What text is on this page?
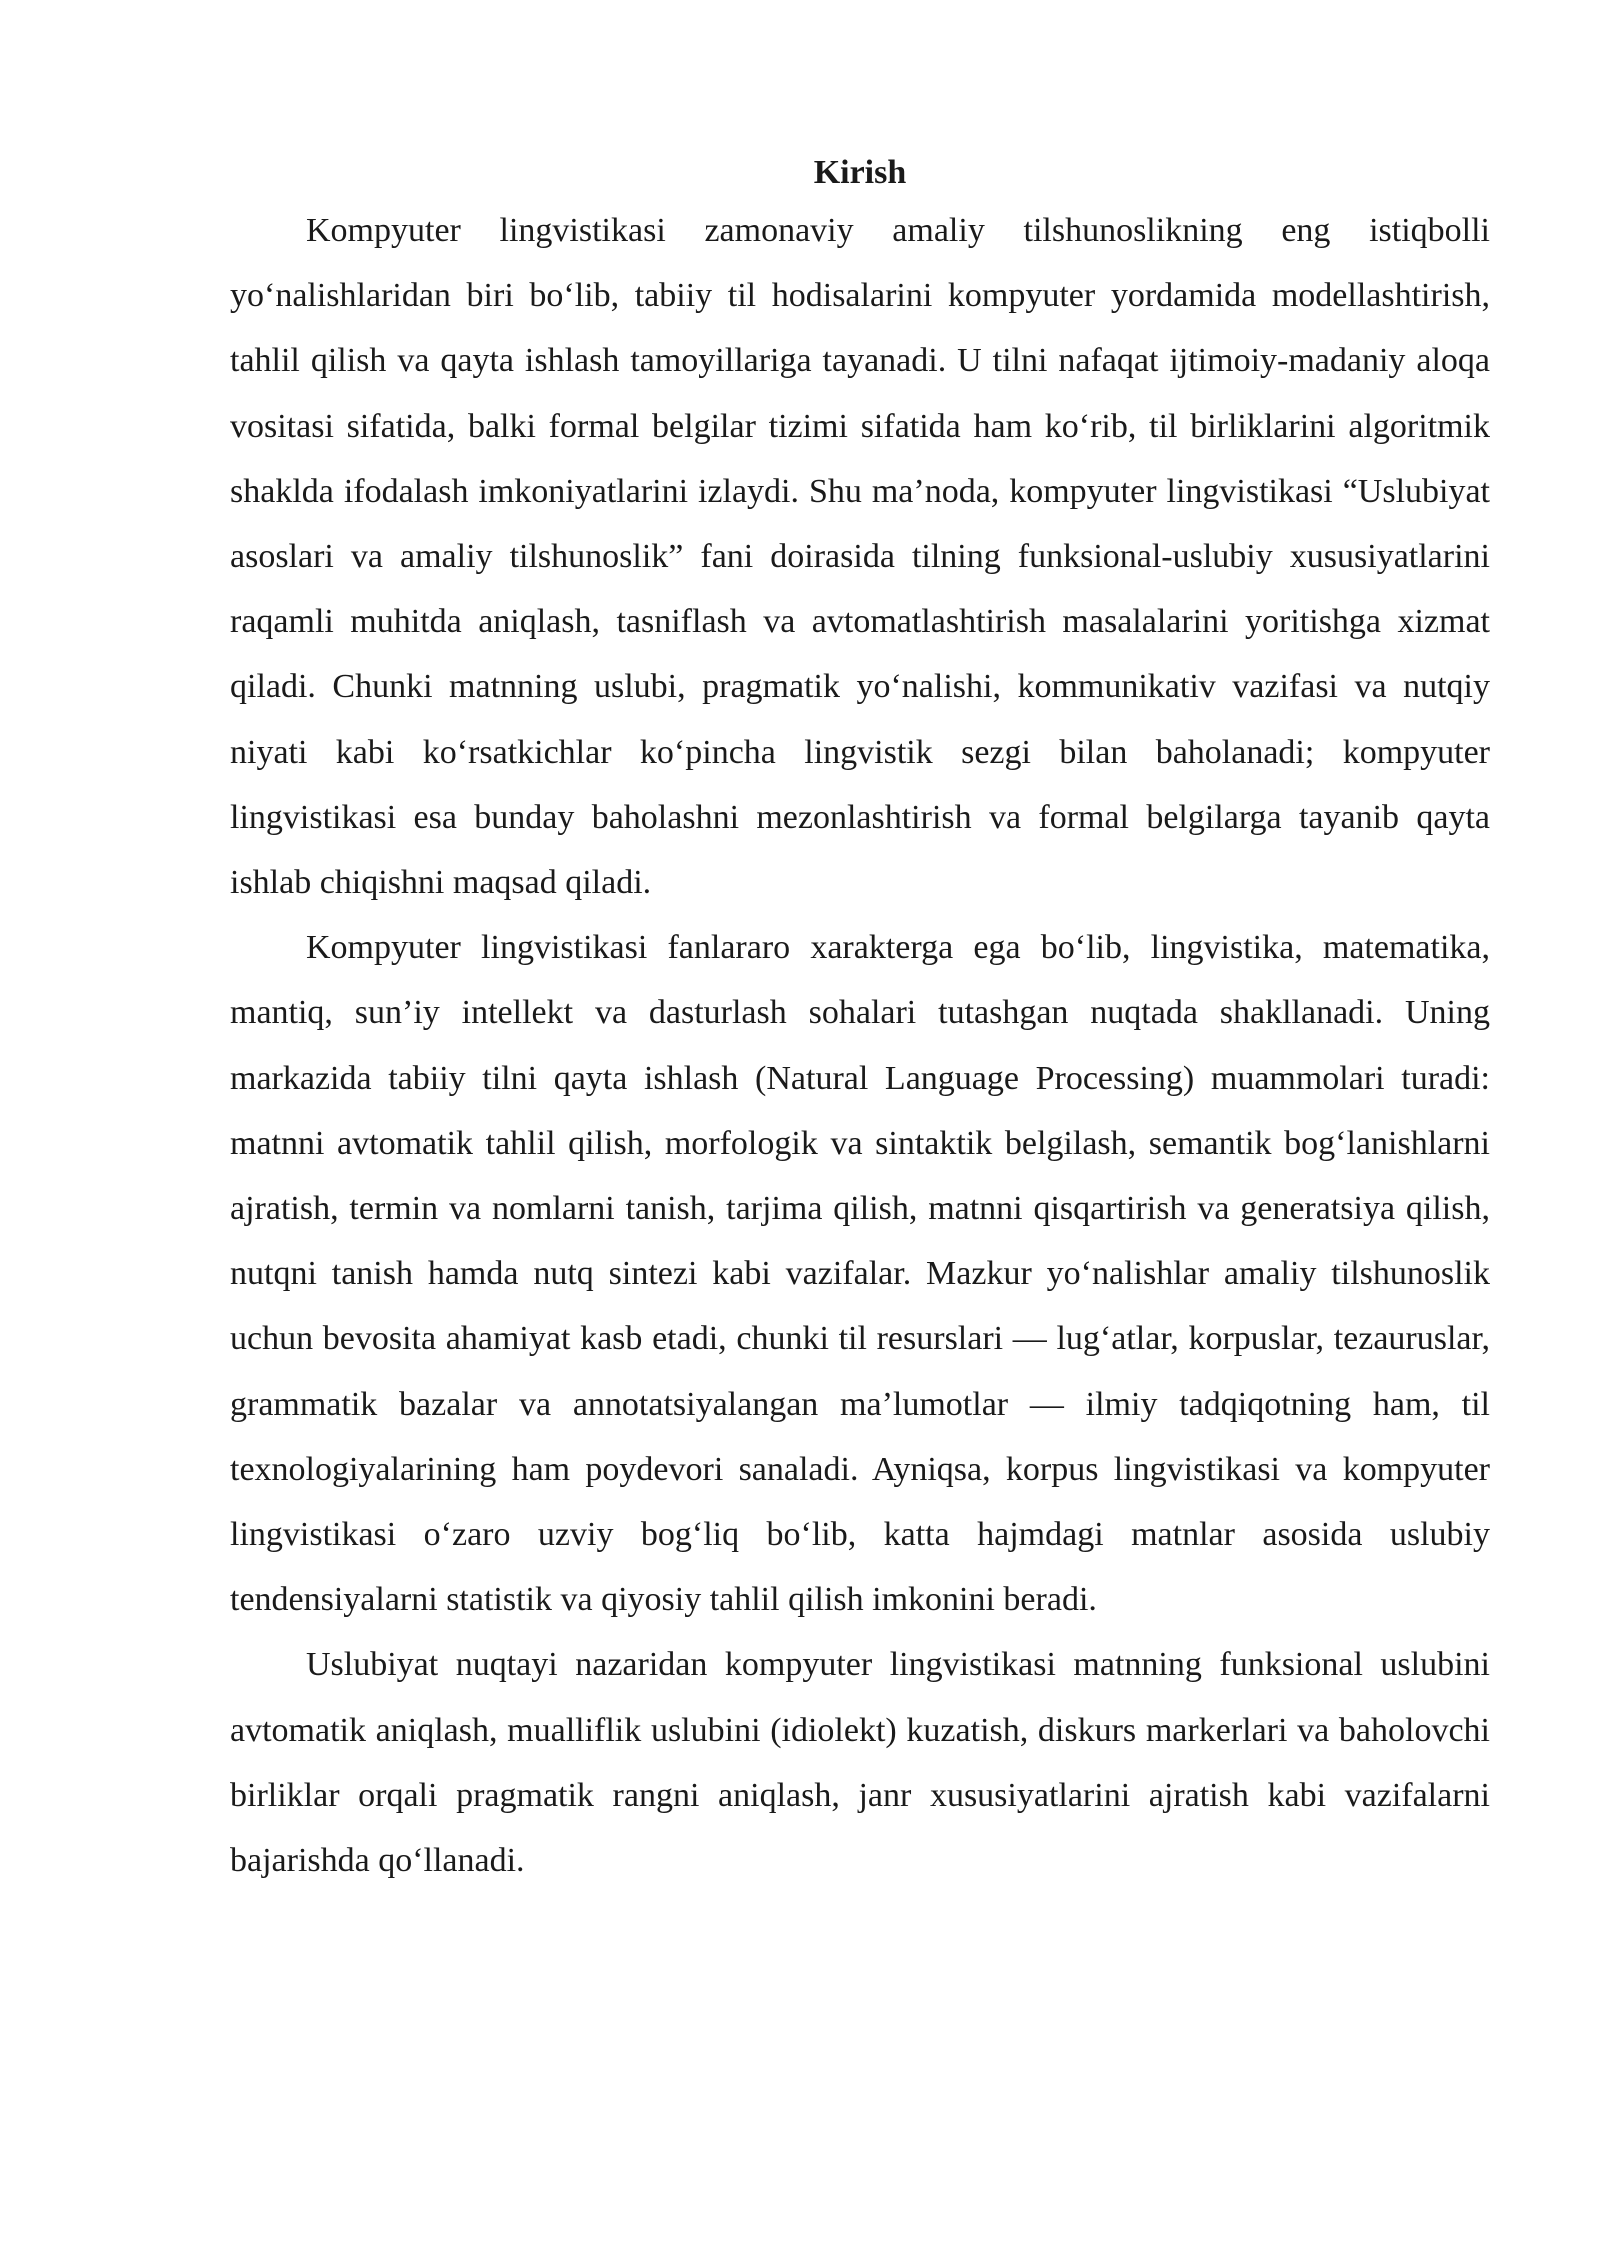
Kirish

Kompyuter lingvistikasi zamonaviy amaliy tilshunoslikning eng istiqbolli yo‘nalishlaridan biri bo‘lib, tabiiy til hodisalarini kompyuter yordamida modellashtirish, tahlil qilish va qayta ishlash tamoyillariga tayanadi. U tilni nafaqat ijtimoiy-madaniy aloqa vositasi sifatida, balki formal belgilar tizimi sifatida ham ko‘rib, til birliklarini algoritmik shaklda ifodalash imkoniyatlarini izlaydi. Shu ma’noda, kompyuter lingvistikasi “Uslubiyat asoslari va amaliy tilshunoslik” fani doirasida tilning funksional-uslubiy xususiyatlarini raqamli muhitda aniqlash, tasniflash va avtomatlashtirish masalalarini yoritishga xizmat qiladi. Chunki matnning uslubi, pragmatik yo‘nalishi, kommunikativ vazifasi va nutqiy niyati kabi ko‘rsatkichlar ko‘pincha lingvistik sezgi bilan baholanadi; kompyuter lingvistikasi esa bunday baholashni mezonlashtirish va formal belgilarga tayanib qayta ishlab chiqishni maqsad qiladi.

Kompyuter lingvistikasi fanlararo xarakterga ega bo‘lib, lingvistika, matematika, mantiq, sun’iy intellekt va dasturlash sohalari tutashgan nuqtada shakllanadi. Uning markazida tabiiy tilni qayta ishlash (Natural Language Processing) muammolari turadi: matnni avtomatik tahlil qilish, morfologik va sintaktik belgilash, semantik bog‘lanishlarni ajratish, termin va nomlarni tanish, tarjima qilish, matnni qisqartirish va generatsiya qilish, nutqni tanish hamda nutq sintezi kabi vazifalar. Mazkur yo‘nalishlar amaliy tilshunoslik uchun bevosita ahamiyat kasb etadi, chunki til resurslari — lug‘atlar, korpuslar, tezauruslar, grammatik bazalar va annotatsiyalangan ma’lumotlar — ilmiy tadqiqotning ham, til texnologiyalarining ham poydevori sanaladi. Ayniqsa, korpus lingvistikasi va kompyuter lingvistikasi o‘zaro uzviy bog‘liq bo‘lib, katta hajmdagi matnlar asosida uslubiy tendensiyalarni statistik va qiyosiy tahlil qilish imkonini beradi.

Uslubiyat nuqtayi nazaridan kompyuter lingvistikasi matnning funksional uslubini avtomatik aniqlash, mualliflik uslubini (idiolekt) kuzatish, diskurs markerlari va baholovchi birliklar orqali pragmatik rangni aniqlash, janr xususiyatlarini ajratish kabi vazifalarni bajarishda qo‘llanadi.
